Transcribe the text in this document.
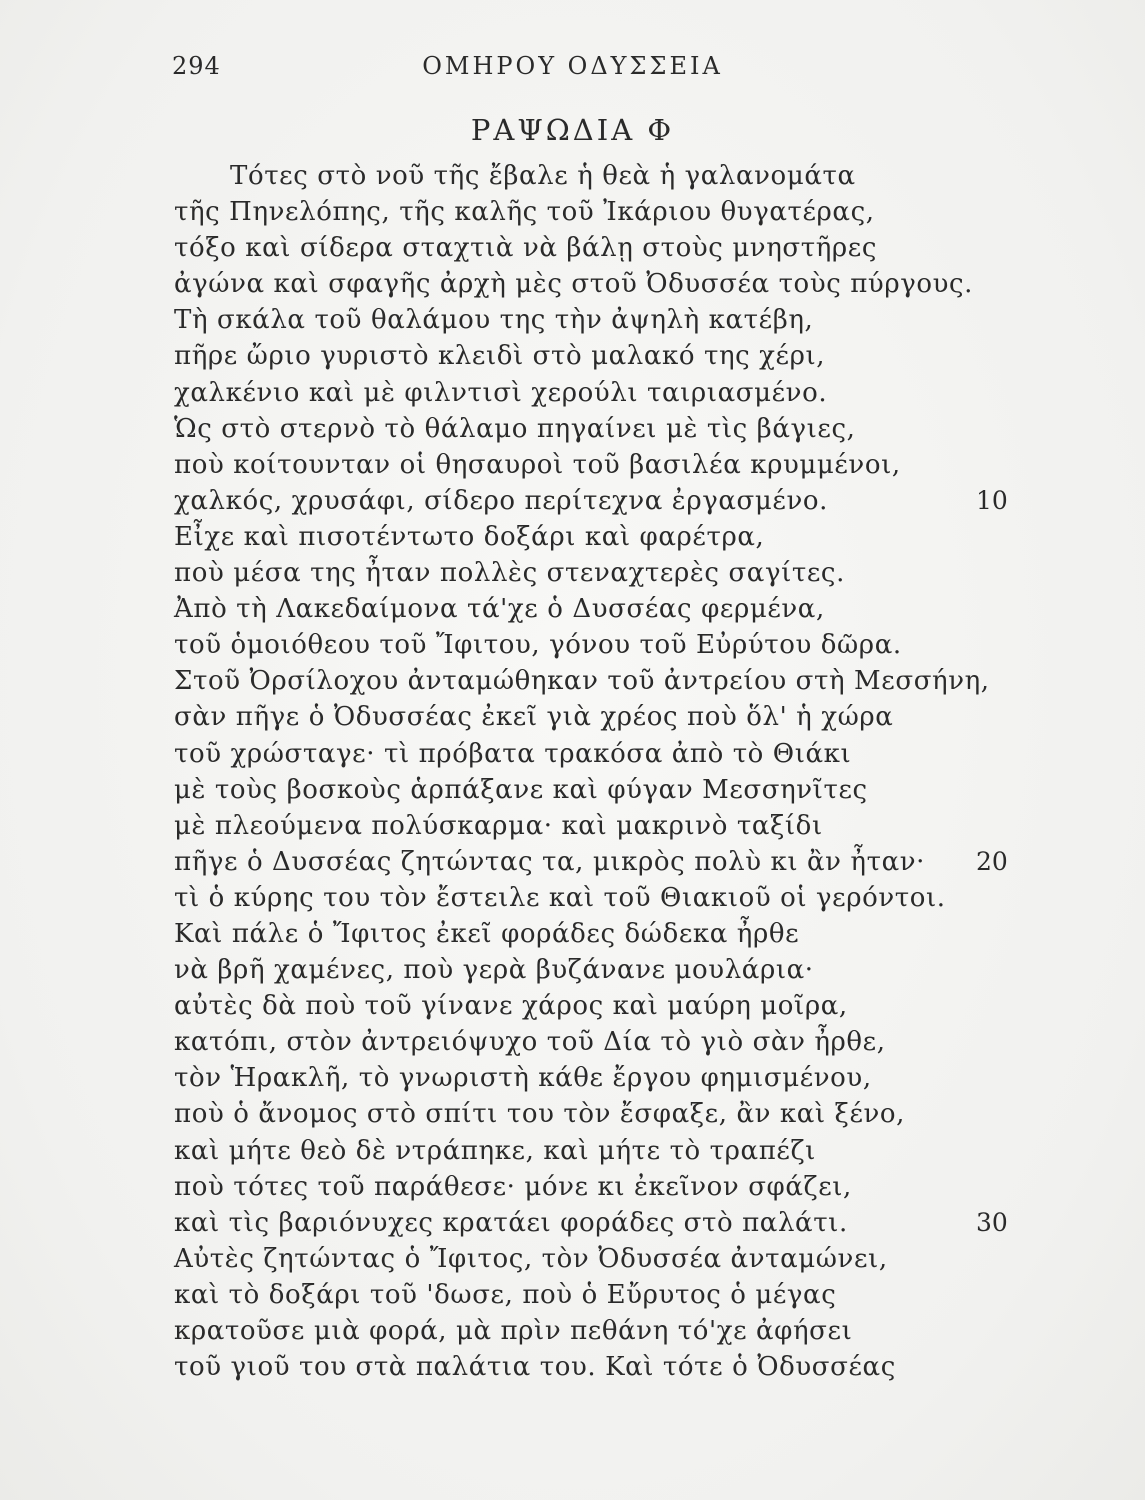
294	ΟΜΗΡΟΥ ΟΔΥΣΣΕΙΑ
ΡΑΨΩΔΙΑ Φ
Τότες στὸ νοῦ τῆς ἔβαλε ἡ θεὰ ἡ γαλανομάτα
τῆς Πηνελόπης, τῆς καλῆς τοῦ Ἰκάριου θυγατέρας,
τόξο καὶ σίδερα σταχτιὰ νὰ βάλῃ στοὺς μνηστῆρες
ἀγώνα καὶ σφαγῆς ἀρχὴ μὲς στοῦ Ὀδυσσέα τοὺς πύργους.
Τὴ σκάλα τοῦ θαλάμου της τὴν ἀψηλὴ κατέβη,
πῆρε ὤριο γυριστὸ κλειδὶ στὸ μαλακό της χέρι,
χαλκένιο καὶ μὲ φιλντισὶ χερούλι ταιριασμένο.
Ὡς στὸ στερνὸ τὸ θάλαμο πηγαίνει μὲ τὶς βάγιες,
ποὺ κοίτουνταν οἱ θησαυροὶ τοῦ βασιλέα κρυμμένοι,
χαλκός, χρυσάφι, σίδερο περίτεχνα ἐργασμένο.	10
Εἶχε καὶ πισοτέντωτο δοξάρι καὶ φαρέτρα,
ποὺ μέσα της ἦταν πολλὲς στεναχτερὲς σαγίτες.
Ἀπὸ τὴ Λακεδαίμονα τά'χε ὁ Δυσσέας φερμένα,
τοῦ ὁμοιόθεου τοῦ Ἴφιτου, γόνου τοῦ Εὐρύτου δῶρα.
Στοῦ Ὀρσίλοχου ἀνταμώθηκαν τοῦ ἀντρείου στὴ Μεσσήνη,
σὰν πῆγε ὁ Ὀδυσσέας ἐκεῖ γιὰ χρέος ποὺ ὅλ' ἡ χώρα
τοῦ χρώσταγε· τὶ πρόβατα τρακόσα ἀπὸ τὸ Θιάκι
μὲ τοὺς βοσκοὺς ἁρπάξανε καὶ φύγαν Μεσσηνῖτες
μὲ πλεούμενα πολύσκαρμα· καὶ μακρινὸ ταξίδι
πῆγε ὁ Δυσσέας ζητώντας τα, μικρὸς πολὺ κι ἂν ἦταν· 20
τὶ ὁ κύρης του τὸν ἔστειλε καὶ τοῦ Θιακιοῦ οἱ γερόντοι.
Καὶ πάλε ὁ Ἴφιτος ἐκεῖ φοράδες δώδεκα ἦρθε
νὰ βρῆ χαμένες, ποὺ γερὰ βυζάνανε μουλάρια·
αὐτὲς δὰ ποὺ τοῦ γίνανε χάρος καὶ μαύρη μοῖρα,
κατόπι, στὸν ἀντρειόψυχο τοῦ Δία τὸ γιὸ σὰν ἦρθε,
τὸν Ἡρακλῆ, τὸ γνωριστὴ κάθε ἔργου φημισμένου,
ποὺ ὁ ἄνομος στὸ σπίτι του τὸν ἔσφαξε, ἂν καὶ ξένο,
καὶ μήτε θεὸ δὲ ντράπηκε, καὶ μήτε τὸ τραπέζι
ποὺ τότες τοῦ παράθεσε· μόνε κι ἐκεῖνον σφάζει,
καὶ τὶς βαριόνυχες κρατάει φοράδες στὸ παλάτι.	30
Αὐτὲς ζητώντας ὁ Ἴφιτος, τὸν Ὀδυσσέα ἀνταμώνει,
καὶ τὸ δοξάρι τοῦ 'δωσε, ποὺ ὁ Εὔρυτος ὁ μέγας
κρατοῦσε μιὰ φορά, μὰ πρὶν πεθάνη τό'χε ἀφήσει
τοῦ γιοῦ του στὰ παλάτια του. Καὶ τότε ὁ Ὀδυσσέας
